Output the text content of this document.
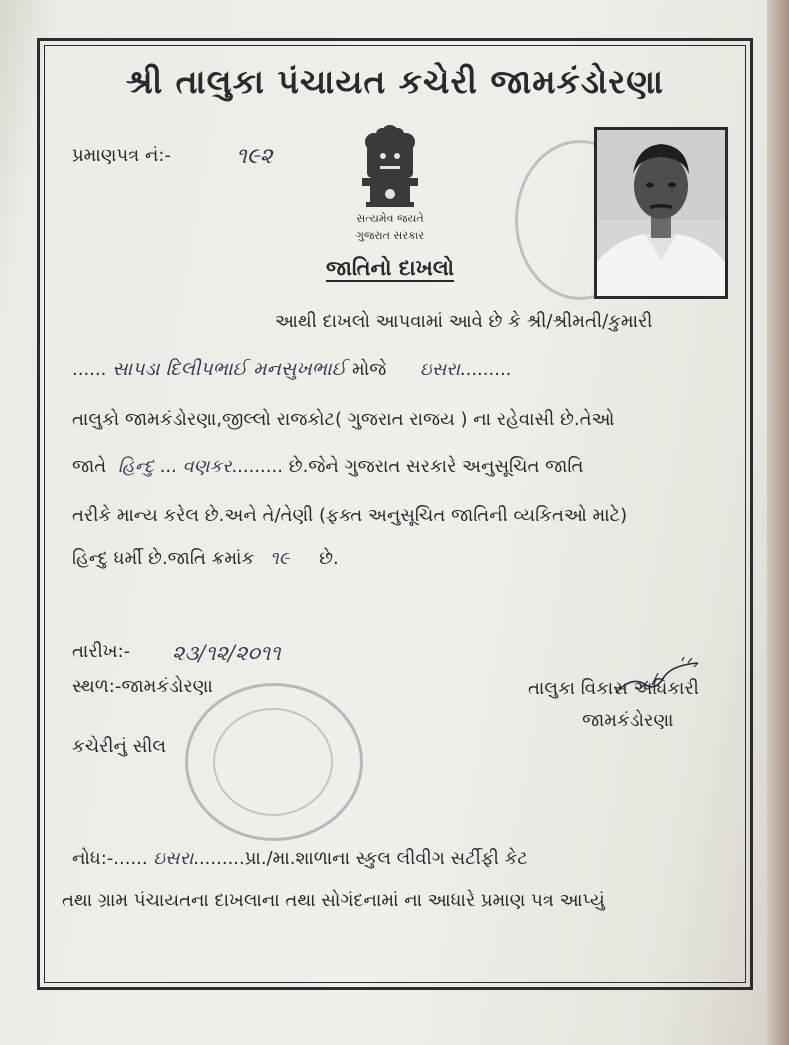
શ્રી તાલુકા પંચાયત કચેરી જામકંડોરણા
પ્રમાણપત્ર નં:-	૧૯૨
સત્યમેવ જયતે
ગુજરાત સરકાર
જાતિનો દાખલો
આથી દાખલો આપવામાં આવે છે કે શ્રી/શ્રીમતી/કુમારી
...... સાપડા દિલીપભાઈ મનસુખભાઈ મોજે ઇસરા.........
તાલુકો જામકંડોરણા,જીલ્લો રાજકોટ( ગુજરાત રાજય ) ના રહેવાસી છે.તેઓ
જાતે હિન્દુ ... વણકર......... છે.જેને ગુજરાત સરકારે અનુસૂચિત જાતિ
તરીકે માન્ય કરેલ છે.અને તે/તેણી (ફક્ત અનુસૂચિત જાતિની વ્યકિતઓ માટે)
હિન્દુ ધર્મી છે.જાતિ ક્રમાંક ૧૯ છે.
તારીખ:- ૨૩/૧૨/૨૦૧૧
સ્થળ:-જામકંડોરણા
કચેરીનું સીલ
તાલુકા વિકાસ અધિકારી
જામકંડોરણા
નોધ:-...... ઇસરા.........પ્રા./મા.શાળાના સ્કુલ લીવીગ સર્ટીફી કેટ
તથા ગ્રામ પંચાયતના દાખલાના તથા સોગંદનામાં ના આધારે પ્રમાણ પત્ર આપ્યું
